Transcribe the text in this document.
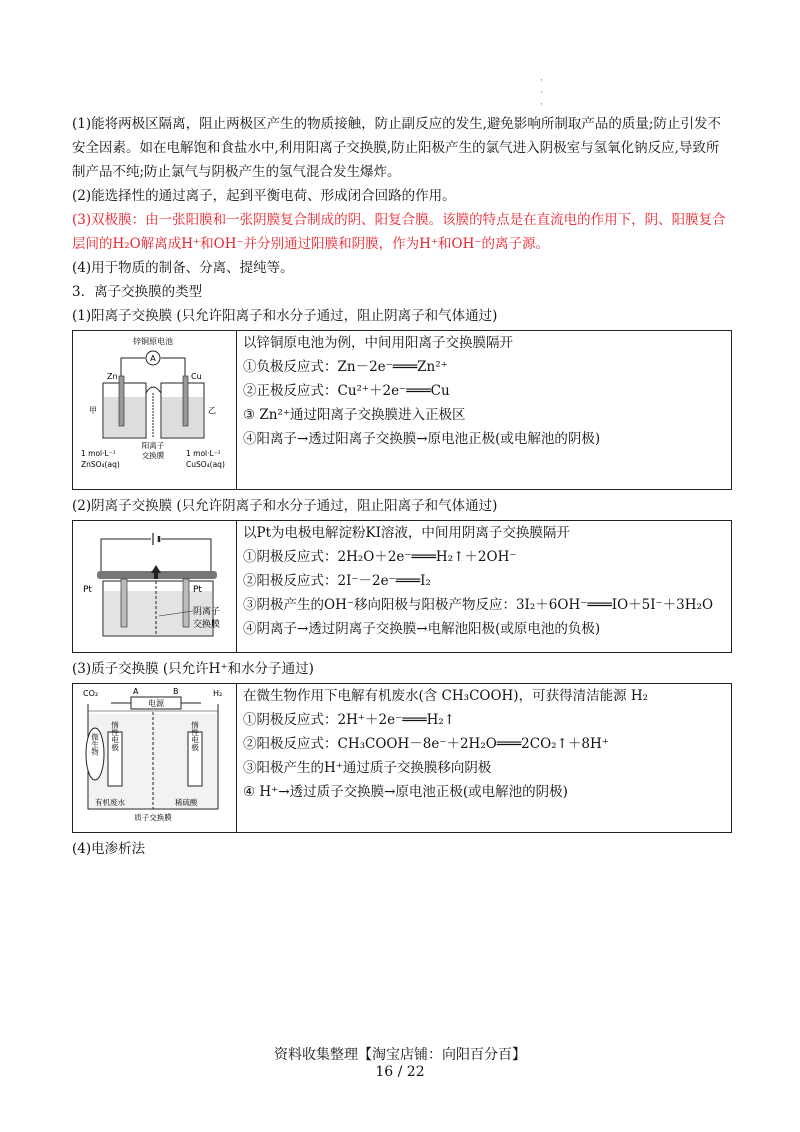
·
·
·

(1)能将两极区隔离，阻止两极区产生的物质接触，防止副反应的发生,避免影响所制取产品的质量;防止引发不安全因素。如在电解饱和食盐水中,利用阳离子交换膜,防止阳极产生的氯气进入阴极室与氢氧化钠反应,导致所制产品不纯;防止氯气与阴极产生的氢气混合发生爆炸。

(2)能选择性的通过离子，起到平衡电荷、形成闭合回路的作用。

(3)双极膜：由一张阳膜和一张阴膜复合制成的阴、阳复合膜。该膜的特点是在直流电的作用下，阴、阳膜复合层间的H₂O解离成H⁺和OH⁻并分别通过阳膜和阴膜，作为H⁺和OH⁻的离子源。

(4)用于物质的制备、分离、提纯等。

3．离子交换膜的类型

(1)阳离子交换膜 (只允许阳离子和水分子通过，阻止阴离子和气体通过)

锌铜原电池
A
Zn	Cu
甲	乙
阳离子
交换膜
1 mol·L⁻¹
ZnSO₄(aq)
1 mol·L⁻¹
CuSO₄(aq)

以锌铜原电池为例，中间用阳离子交换膜隔开
①负极反应式：Zn－2e⁻═══Zn²⁺
②正极反应式：Cu²⁺＋2e⁻═══Cu
③ Zn²⁺通过阳离子交换膜进入正极区
④阳离子→透过阳离子交换膜→原电池正极(或电解池的阴极)

(2)阴离子交换膜 (只允许阴离子和水分子通过，阻止阳离子和气体通过)

Pt	Pt
阴离子
交换膜

以Pt为电极电解淀粉KI溶液，中间用阴离子交换膜隔开
①阴极反应式：2H₂O＋2e⁻═══H₂↑＋2OH⁻
②阳极反应式：2I⁻－2e⁻═══I₂
③阴极产生的OH⁻移向阳极与阳极产物反应：3I₂＋6OH⁻═══IO＋5I⁻＋3H₂O
④阴离子→透过阴离子交换膜→电解池阳极(或原电池的负极)

(3)质子交换膜 (只允许H⁺和水分子通过)

CO₂	H₂
A	B
电源
微生物 惰性电极	惰性电极
有机废水	稀硫酸
质子交换膜

在微生物作用下电解有机废水(含 CH₃COOH)，可获得清洁能源 H₂
①阴极反应式：2H⁺＋2e⁻═══H₂↑
②阳极反应式：CH₃COOH－8e⁻＋2H₂O═══2CO₂↑＋8H⁺
③阳极产生的H⁺通过质子交换膜移向阴极
④ H⁺→透过质子交换膜→原电池正极(或电解池的阴极)

(4)电渗析法

资料收集整理【淘宝店铺：向阳百分百】
16 / 22
